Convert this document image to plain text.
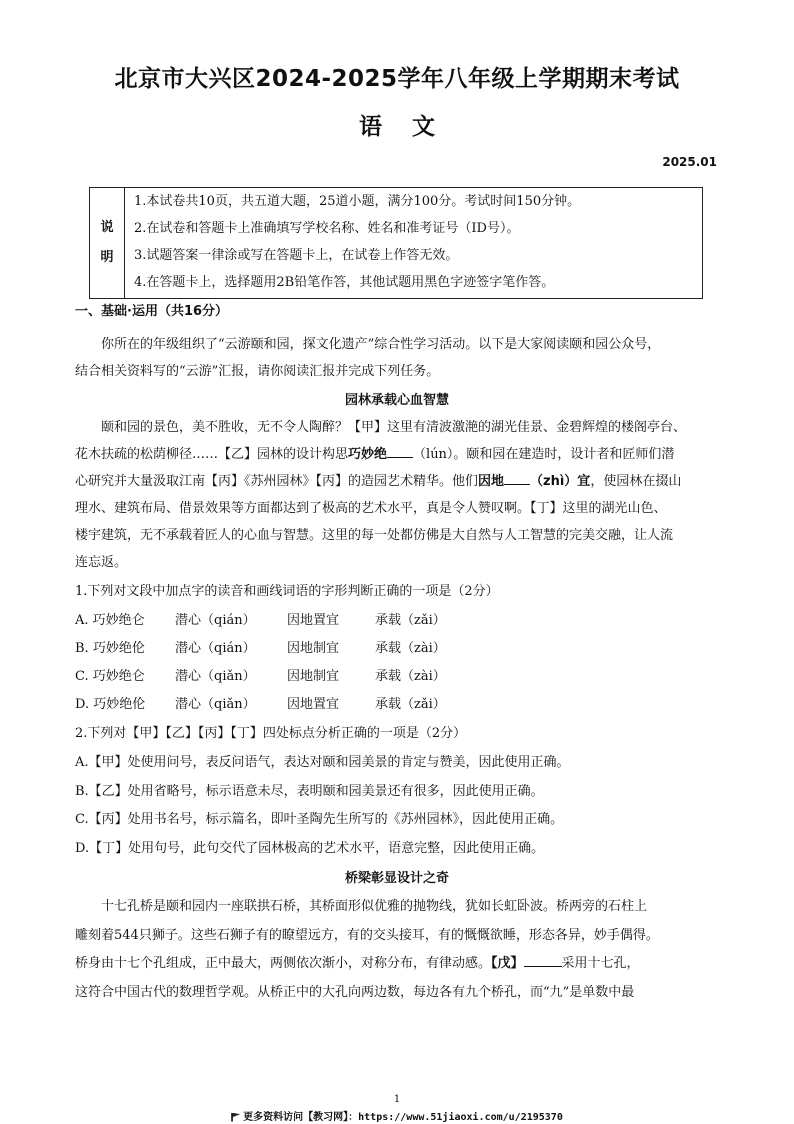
北京市大兴区2024-2025学年八年级上学期期末考试
语文
2025.01
说
明
1.本试卷共10页，共五道大题，25道小题，满分100分。考试时间150分钟。
2.在试卷和答题卡上准确填写学校名称、姓名和准考证号（ID号）。
3.试题答案一律涂或写在答题卡上，在试卷上作答无效。
4.在答题卡上，选择题用2B铅笔作答，其他试题用黑色字迹签字笔作答。
一、基础·运用（共16分）
你所在的年级组织了“云游颐和园，探文化遗产”综合性学习活动。以下是大家阅读颐和园公众号，
结合相关资料写的“云游”汇报，请你阅读汇报并完成下列任务。
园林承载心血智慧
颐和园的景色，美不胜收，无不令人陶醉？【甲】这里有清波激滟的湖光佳景、金碧辉煌的楼阁亭台、
花木扶疏的松荫柳径……【乙】园林的设计构思巧妙绝 （lún）。颐和园在建造时，设计者和匠师们潜
心研究并大量汲取江南【丙】《苏州园林》【丙】的造园艺术精华。他们因地 （zhì）宜，使园林在掇山
理水、建筑布局、借景效果等方面都达到了极高的艺术水平，真是令人赞叹啊。【丁】这里的湖光山色、
楼宇建筑，无不承载着匠人的心血与智慧。这里的每一处都仿佛是大自然与人工智慧的完美交融，让人流
连忘返。
1.下列对文段中加点字的读音和画线词语的字形判断正确的一项是（2分）
A. 巧妙绝仑 潜心（qián） 因地置宜	承载（zǎi）
B. 巧妙绝伦 潜心（qián） 因地制宜	承载（zài）
C. 巧妙绝仑 潜心（qiǎn） 因地制宜	承载（zài）
D. 巧妙绝伦 潜心（qiǎn） 因地置宜	承载（zǎi）
2.下列对【甲】【乙】【丙】【丁】四处标点分析正确的一项是（2分）
A.【甲】处使用问号，表反问语气，表达对颐和园美景的肯定与赞美，因此使用正确。
B.【乙】处用省略号，标示语意未尽，表明颐和园美景还有很多，因此使用正确。
C.【丙】处用书名号，标示篇名，即叶圣陶先生所写的《苏州园林》，因此使用正确。
D.【丁】处用句号，此句交代了园林极高的艺术水平，语意完整，因此使用正确。
桥梁彰显设计之奇
十七孔桥是颐和园内一座联拱石桥，其桥面形似优雅的抛物线，犹如长虹卧波。桥两旁的石柱上
雕刻着544只狮子。这些石狮子有的瞭望远方，有的交头接耳，有的慨慨欲睡，形态各异，妙手偶得。
桥身由十七个孔组成，正中最大，两侧依次渐小，对称分布，有律动感。【戊】	采用十七孔，
这符合中国古代的数理哲学观。从桥正中的大孔向两边数，每边各有九个桥孔，而“九”是单数中最
1
更多资料访问【教习网】：https://www.51jiaoxi.com/u/2195370
